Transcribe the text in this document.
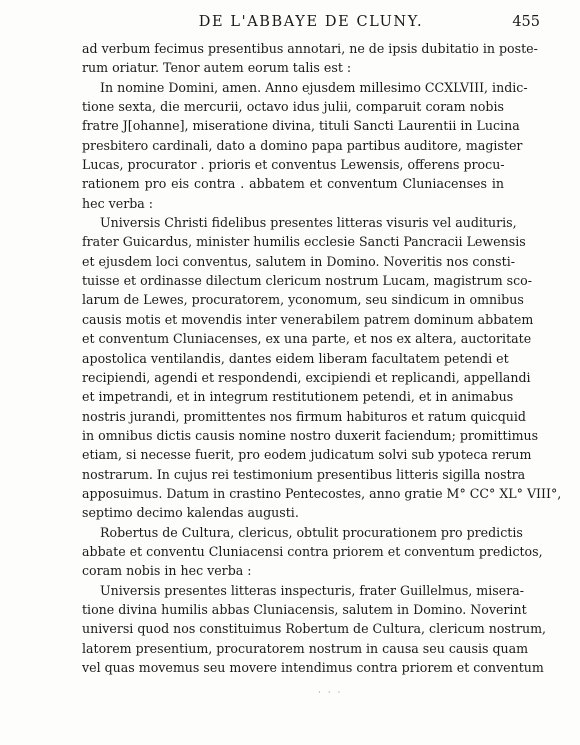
DE L'ABBAYE DE CLUNY.	455
ad verbum fecimus presentibus annotari, ne de ipsis dubitatio in poste-
rum oriatur. Tenor autem eorum talis est :
In nomine Domini, amen. Anno ejusdem millesimo CCXLVIII, indic-
tione sexta, die mercurii, octavo idus julii, comparuit coram nobis
fratre J[ohanne], miseratione divina, tituli Sancti Laurentii in Lucina
presbitero cardinali, dato a domino papa partibus auditore, magister
Lucas, procurator . prioris et conventus Lewensis, offerens procu-
rationem pro eis contra . abbatem et conventum Cluniacenses in
hec verba :
Universis Christi fidelibus presentes litteras visuris vel audituris,
frater Guicardus, minister humilis ecclesie Sancti Pancracii Lewensis
et ejusdem loci conventus, salutem in Domino. Noveritis nos consti-
tuisse et ordinasse dilectum clericum nostrum Lucam, magistrum sco-
larum de Lewes, procuratorem, yconomum, seu sindicum in omnibus
causis motis et movendis inter venerabilem patrem dominum abbatem
et conventum Cluniacenses, ex una parte, et nos ex altera, auctoritate
apostolica ventilandis, dantes eidem liberam facultatem petendi et
recipiendi, agendi et respondendi, excipiendi et replicandi, appellandi
et impetrandi, et in integrum restitutionem petendi, et in animabus
nostris jurandi, promittentes nos firmum habituros et ratum quicquid
in omnibus dictis causis nomine nostro duxerit faciendum; promittimus
etiam, si necesse fuerit, pro eodem judicatum solvi sub ypoteca rerum
nostrarum. In cujus rei testimonium presentibus litteris sigilla nostra
apposuimus. Datum in crastino Pentecostes, anno gratie M° CC° XL° VIII°,
septimo decimo kalendas augusti.
Robertus de Cultura, clericus, obtulit procurationem pro predictis
abbate et conventu Cluniacensi contra priorem et conventum predictos,
coram nobis in hec verba :
Universis presentes litteras inspecturis, frater Guillelmus, misera-
tione divina humilis abbas Cluniacensis, salutem in Domino. Noverint
universi quod nos constituimus Robertum de Cultura, clericum nostrum,
latorem presentium, procuratorem nostrum in causa seu causis quam
vel quas movemus seu movere intendimus contra priorem et conventum
· · ·
